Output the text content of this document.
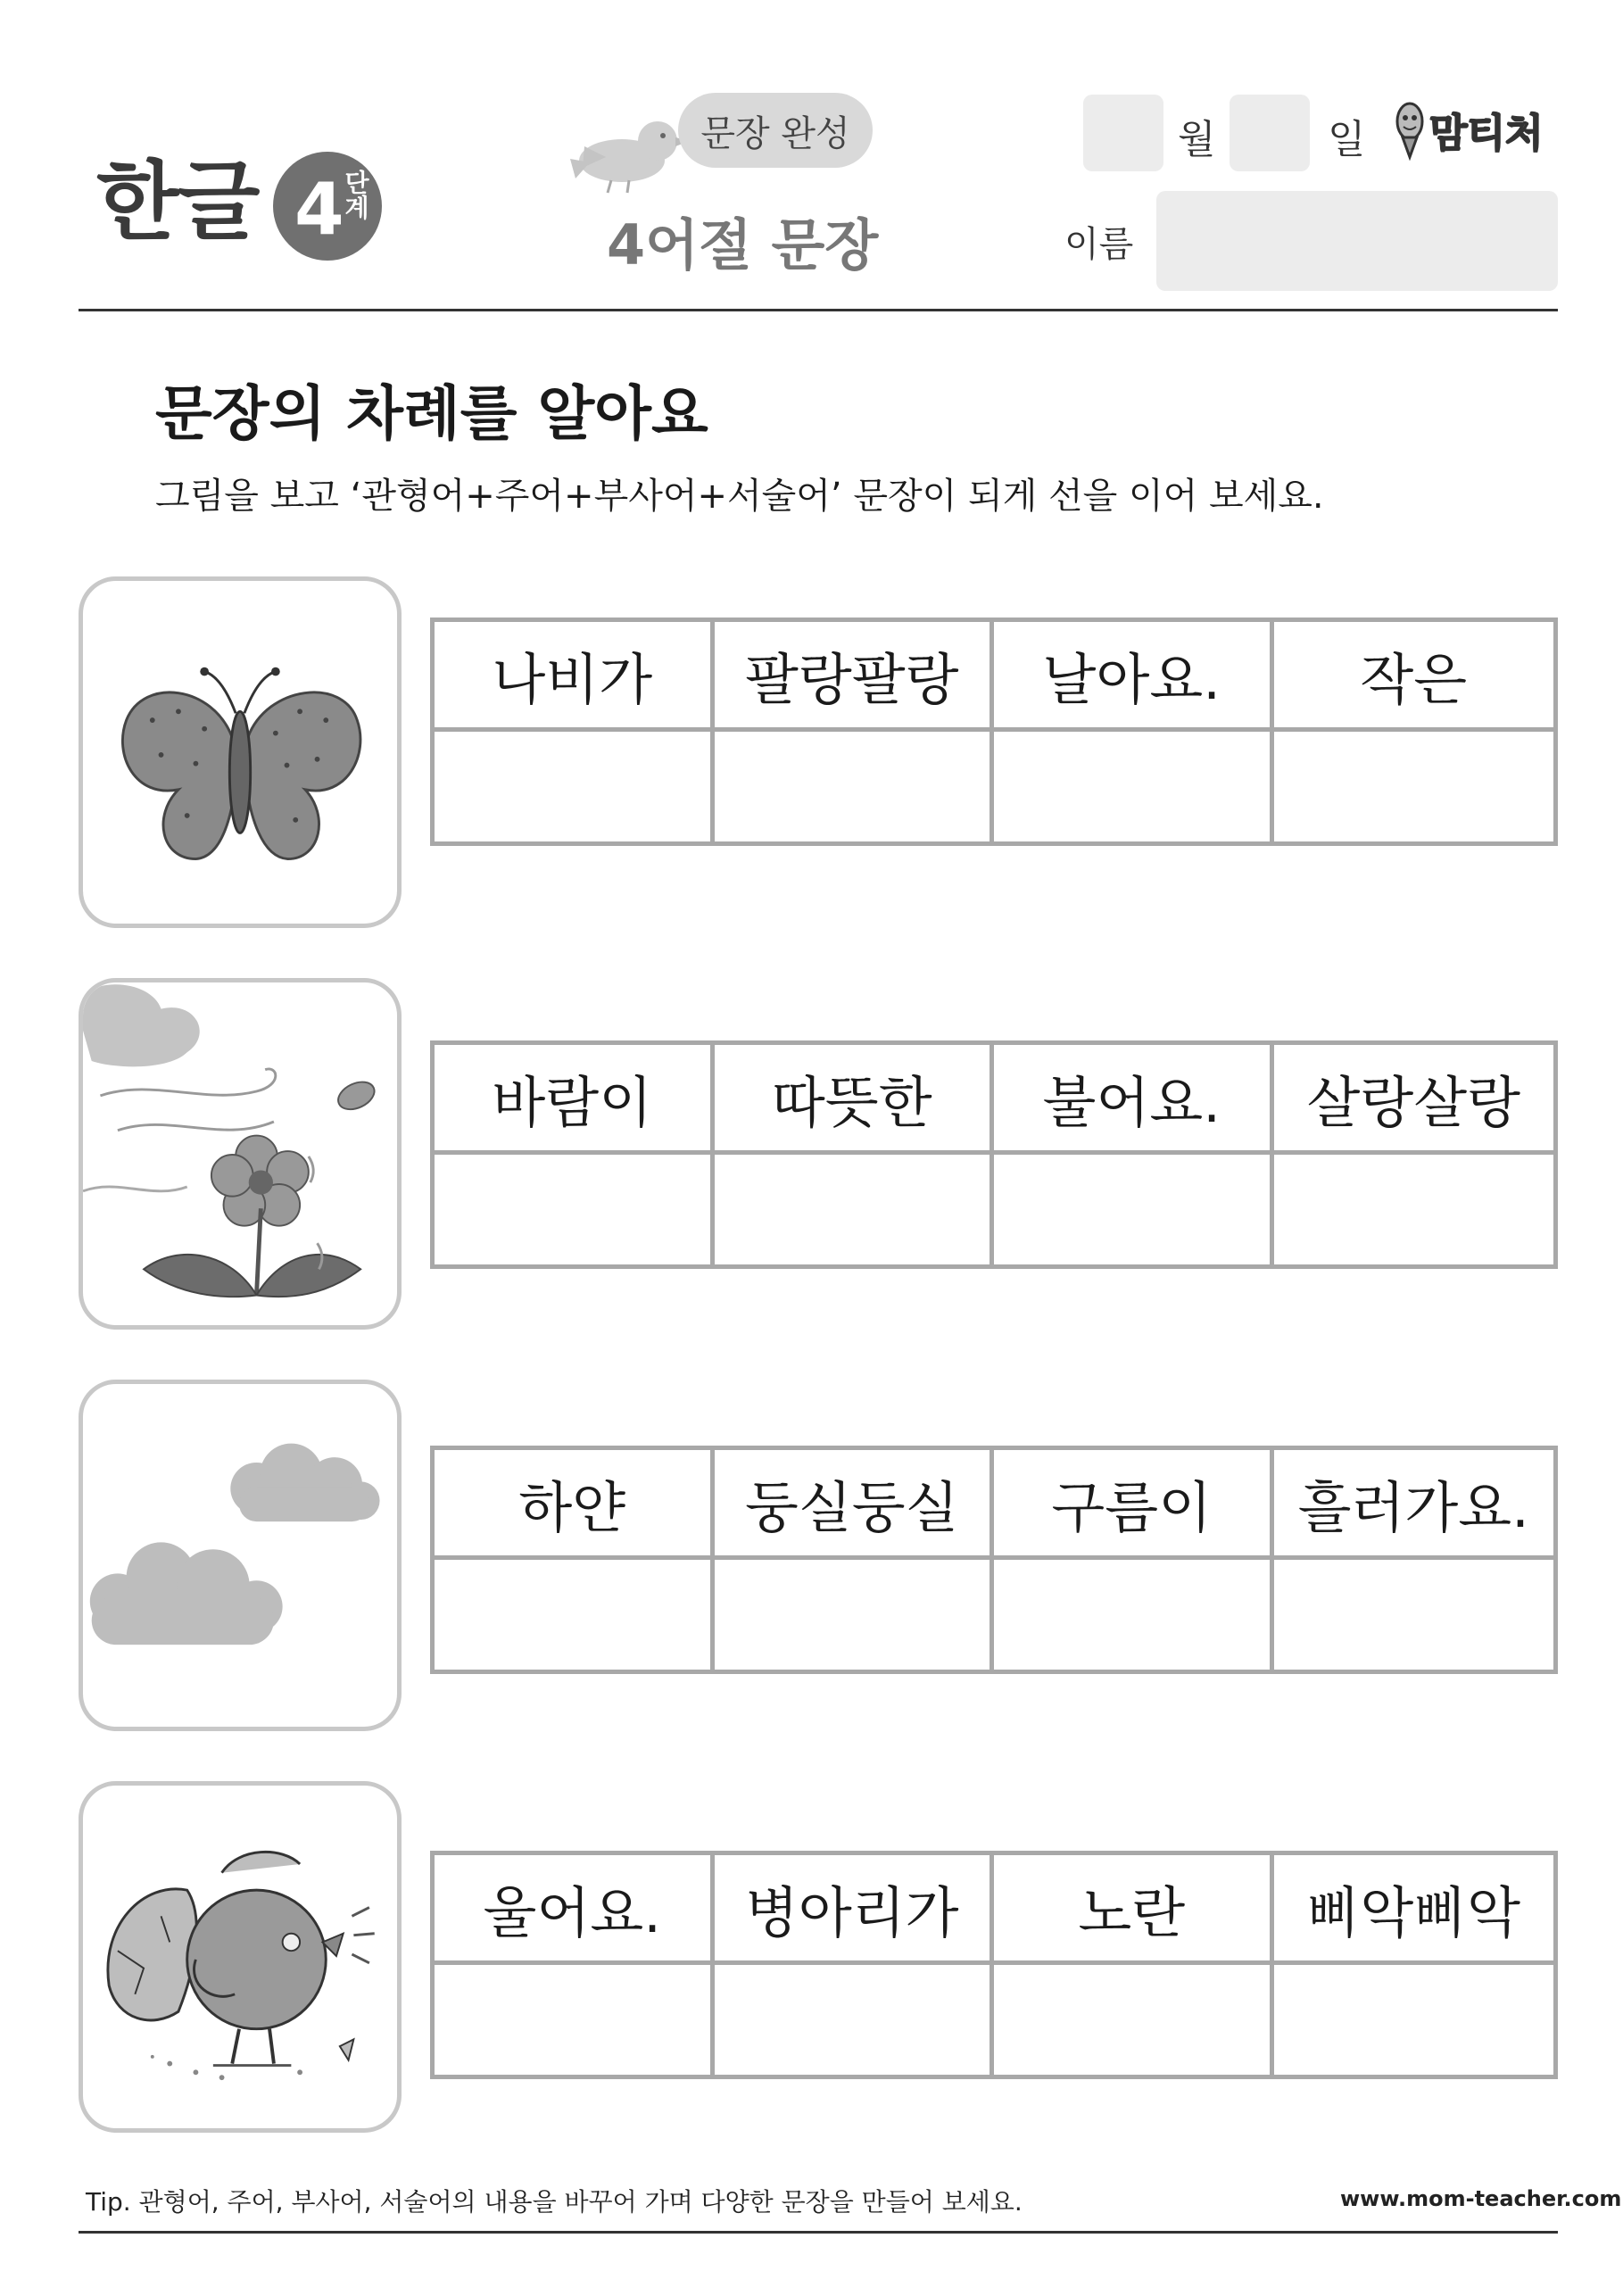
한글 4
단계
문장 완성
4어절 문장
월	일 맘티처
이름
문장의 차례를 알아요
그림을 보고 ‘관형어+주어+부사어+서술어’ 문장이 되게 선을 이어 보세요.
나비가	팔랑팔랑	날아요.	작은
바람이	따뜻한	불어요.	살랑살랑
하얀	둥실둥실	구름이	흘러가요.
울어요.	병아리가	노란	삐악삐악
Tip. 관형어, 주어, 부사어, 서술어의 내용을 바꾸어 가며 다양한 문장을 만들어 보세요.	www.mom-teacher.com
